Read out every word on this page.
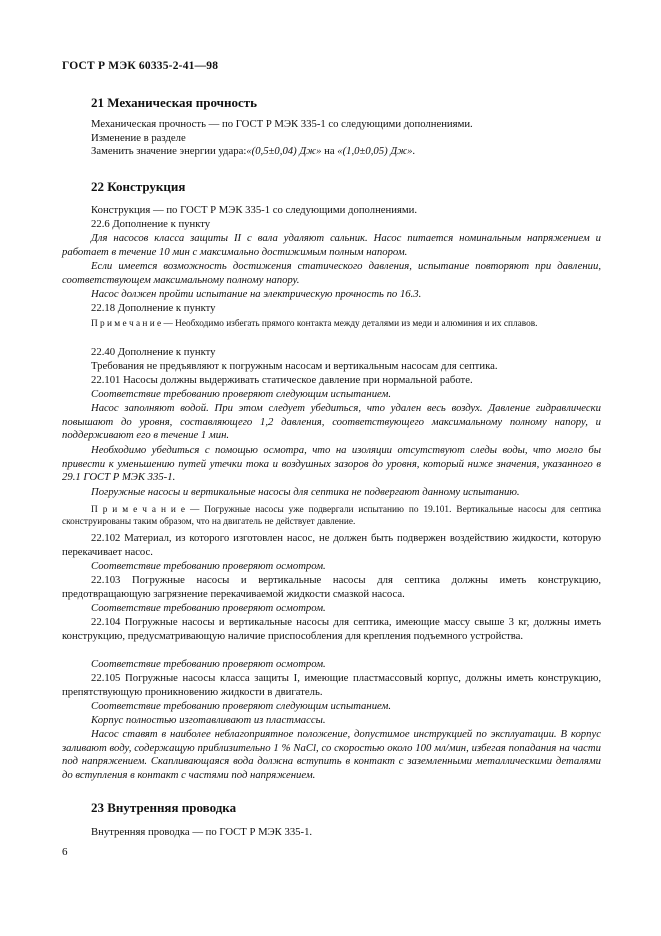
ГОСТ Р МЭК 60335-2-41—98
21 Механическая прочность
Механическая прочность — по ГОСТ Р МЭК 335-1 со следующими дополнениями.
Изменение в разделе
Заменить значение энергии удара:«(0,5±0,04) Дж» на «(1,0±0,05) Дж».
22 Конструкция
Конструкция — по ГОСТ Р МЭК 335-1 со следующими дополнениями.
22.6 Дополнение к пункту
Для насосов класса защиты II с вала удаляют сальник. Насос питается номинальным напряжением и работает в течение 10 мин с максимально достижимым полным напором.
Если имеется возможность достижения статического давления, испытание повторяют при давлении, соответствующем максимальному полному напору.
Насос должен пройти испытание на электрическую прочность по 16.3.
22.18 Дополнение к пункту
П р и м е ч а н и е — Необходимо избегать прямого контакта между деталями из меди и алюминия и их сплавов.
22.40 Дополнение к пункту
Требования не предъявляют к погружным насосам и вертикальным насосам для септика.
22.101 Насосы должны выдерживать статическое давление при нормальной работе.
Соответствие требованию проверяют следующим испытанием.
Насос заполняют водой. При этом следует убедиться, что удален весь воздух. Давление гидравлически повышают до уровня, составляющего 1,2 давления, соответствующего максимальному полному напору, и поддерживают его в течение 1 мин.
Необходимо убедиться с помощью осмотра, что на изоляции отсутствуют следы воды, что могло бы привести к уменьшению путей утечки тока и воздушных зазоров до уровня, который ниже значения, указанного в 29.1 ГОСТ Р МЭК 335-1.
Погружные насосы и вертикальные насосы для септика не подвергают данному испытанию.
П р и м е ч а н и е — Погружные насосы уже подвергали испытанию по 19.101. Вертикальные насосы для септика сконструированы таким образом, что на двигатель не действует давление.
22.102 Материал, из которого изготовлен насос, не должен быть подвержен воздействию жидкости, которую перекачивает насос.
Соответствие требованию проверяют осмотром.
22.103 Погружные насосы и вертикальные насосы для септика должны иметь конструкцию, предотвращающую загрязнение перекачиваемой жидкости смазкой насоса.
Соответствие требованию проверяют осмотром.
22.104 Погружные насосы и вертикальные насосы для септика, имеющие массу свыше 3 кг, должны иметь конструкцию, предусматривающую наличие приспособления для крепления подъемного устройства.
Соответствие требованию проверяют осмотром.
22.105 Погружные насосы класса защиты I, имеющие пластмассовый корпус, должны иметь конструкцию, препятствующую проникновению жидкости в двигатель.
Соответствие требованию проверяют следующим испытанием.
Корпус полностью изготавливают из пластмассы.
Насос ставят в наиболее неблагоприятное положение, допустимое инструкцией по эксплуатации. В корпус заливают воду, содержащую приблизительно 1 % NaCl, со скоростью около 100 мл/мин, избегая попадания на части под напряжением. Скапливающаяся вода должна вступить в контакт с заземленными металлическими деталями до вступления в контакт с частями под напряжением.
23 Внутренняя проводка
Внутренняя проводка — по ГОСТ Р МЭК 335-1.
6
